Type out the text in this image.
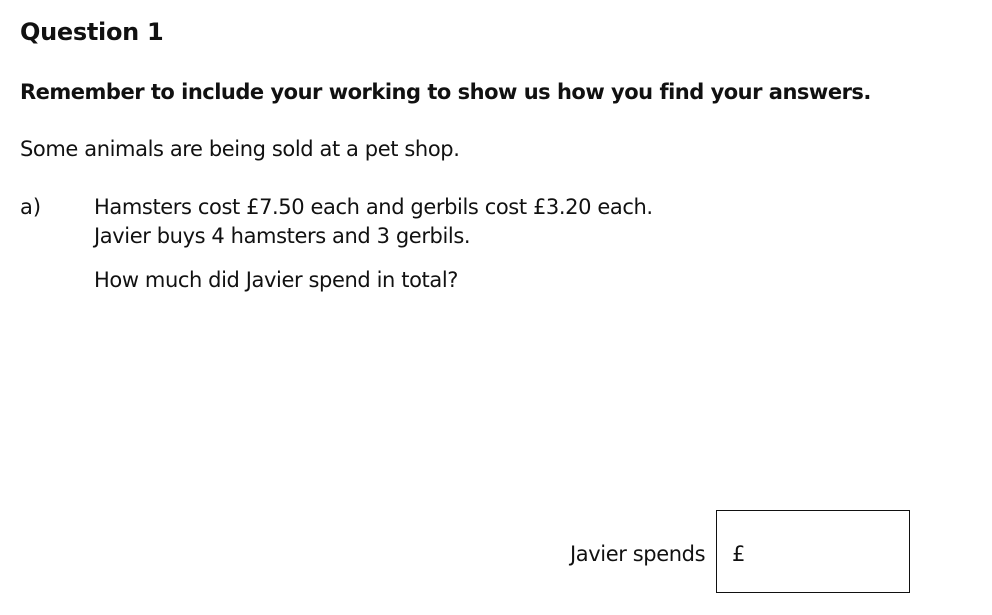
Question 1
Remember to include your working to show us how you find your answers.
Some animals are being sold at a pet shop.
a)	Hamsters cost £7.50 each and gerbils cost £3.20 each.
Javier buys 4 hamsters and 3 gerbils.
How much did Javier spend in total?
Javier spends £
